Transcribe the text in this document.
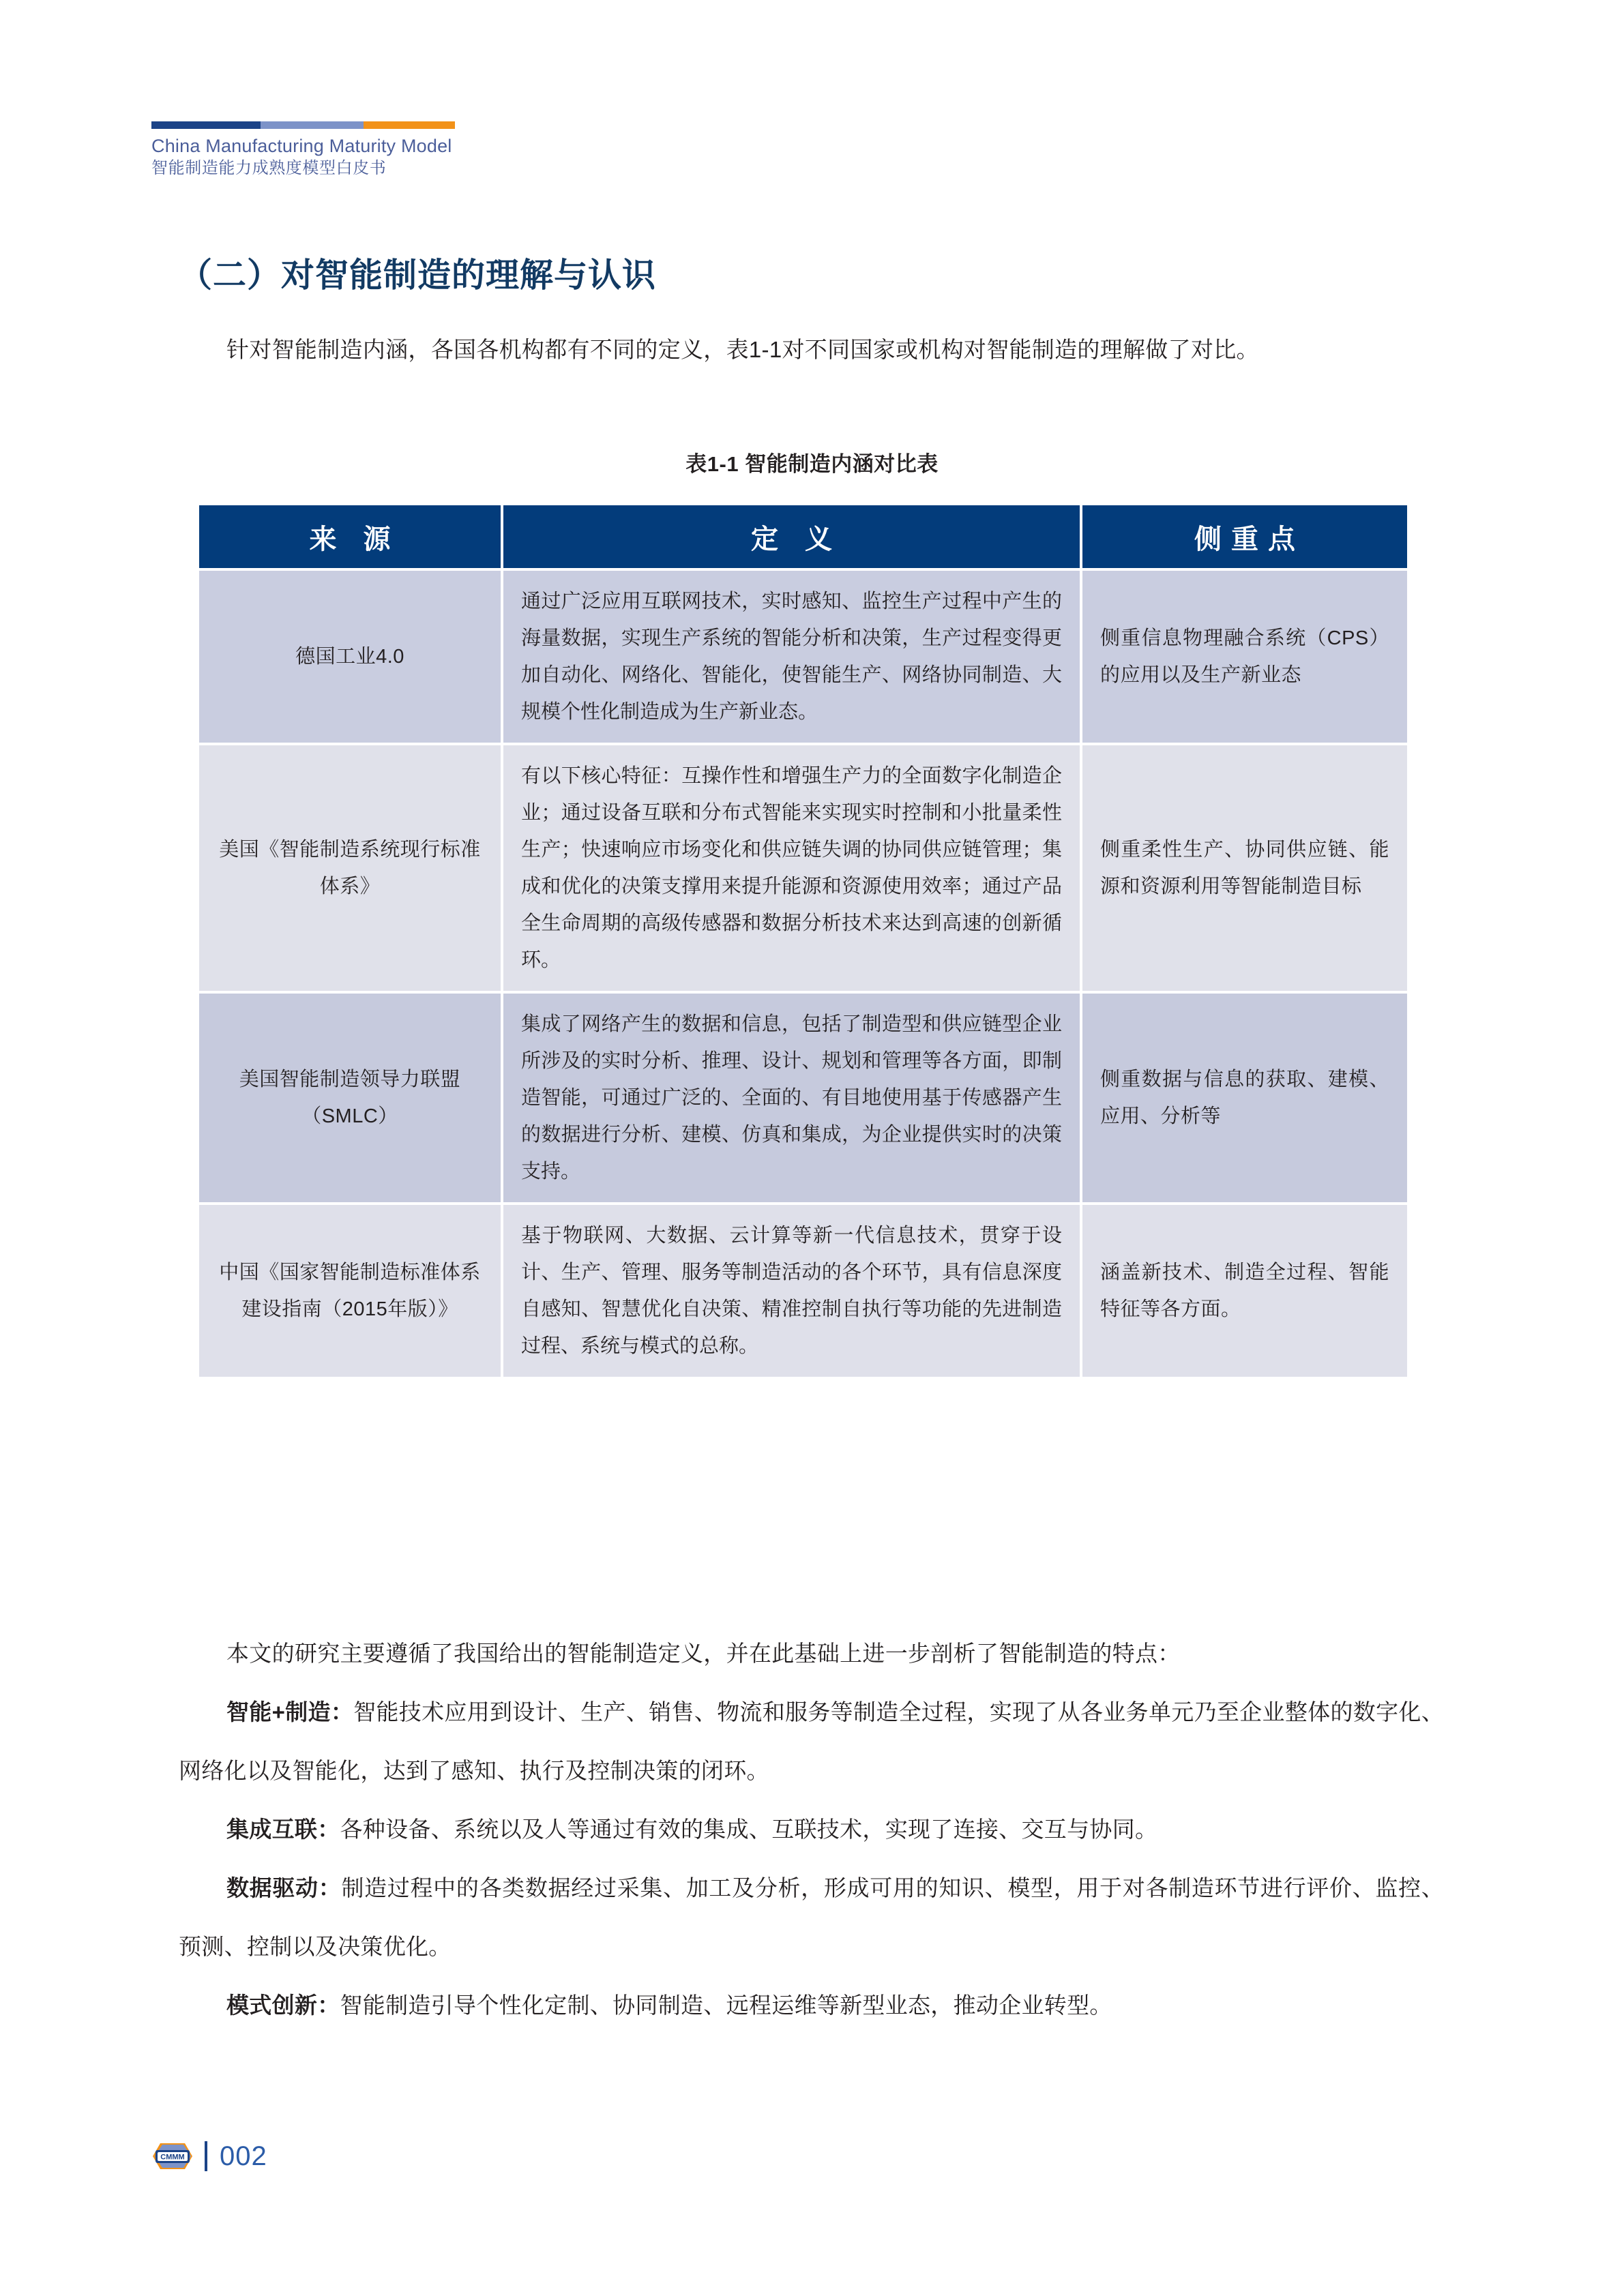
China Manufacturing Maturity Model
智能制造能力成熟度模型白皮书
（二）对智能制造的理解与认识

针对智能制造内涵，各国各机构都有不同的定义，表1-1对不同国家或机构对智能制造的理解做了对比。

表1-1 智能制造内涵对比表
来 源	定 义	侧重点
德国工业4.0	通过广泛应用互联网技术，实时感知、监控生产过程中产生的海量数据，实现生产系统的智能分析和决策，生产过程变得更加自动化、网络化、智能化，使智能生产、网络协同制造、大规模个性化制造成为生产新业态。	侧重信息物理融合系统（CPS）的应用以及生产新业态
美国《智能制造系统现行标准体系》	有以下核心特征：互操作性和增强生产力的全面数字化制造企业；通过设备互联和分布式智能来实现实时控制和小批量柔性生产；快速响应市场变化和供应链失调的协同供应链管理；集成和优化的决策支撑用来提升能源和资源使用效率；通过产品全生命周期的高级传感器和数据分析技术来达到高速的创新循环。	侧重柔性生产、协同供应链、能源和资源利用等智能制造目标
美国智能制造领导力联盟（SMLC）	集成了网络产生的数据和信息，包括了制造型和供应链型企业所涉及的实时分析、推理、设计、规划和管理等各方面，即制造智能，可通过广泛的、全面的、有目地使用基于传感器产生的数据进行分析、建模、仿真和集成，为企业提供实时的决策支持。	侧重数据与信息的获取、建模、应用、分析等
中国《国家智能制造标准体系建设指南（2015年版）》	基于物联网、大数据、云计算等新一代信息技术，贯穿于设计、生产、管理、服务等制造活动的各个环节，具有信息深度自感知、智慧优化自决策、精准控制自执行等功能的先进制造过程、系统与模式的总称。	涵盖新技术、制造全过程、智能特征等各方面。

本文的研究主要遵循了我国给出的智能制造定义，并在此基础上进一步剖析了智能制造的特点：

智能+制造：智能技术应用到设计、生产、销售、物流和服务等制造全过程，实现了从各业务单元乃至企业整体的数字化、网络化以及智能化，达到了感知、执行及控制决策的闭环。

集成互联：各种设备、系统以及人等通过有效的集成、互联技术，实现了连接、交互与协同。

数据驱动：制造过程中的各类数据经过采集、加工及分析，形成可用的知识、模型，用于对各制造环节进行评价、监控、预测、控制以及决策优化。

模式创新：智能制造引导个性化定制、协同制造、远程运维等新型业态，推动企业转型。

CMMM 002
